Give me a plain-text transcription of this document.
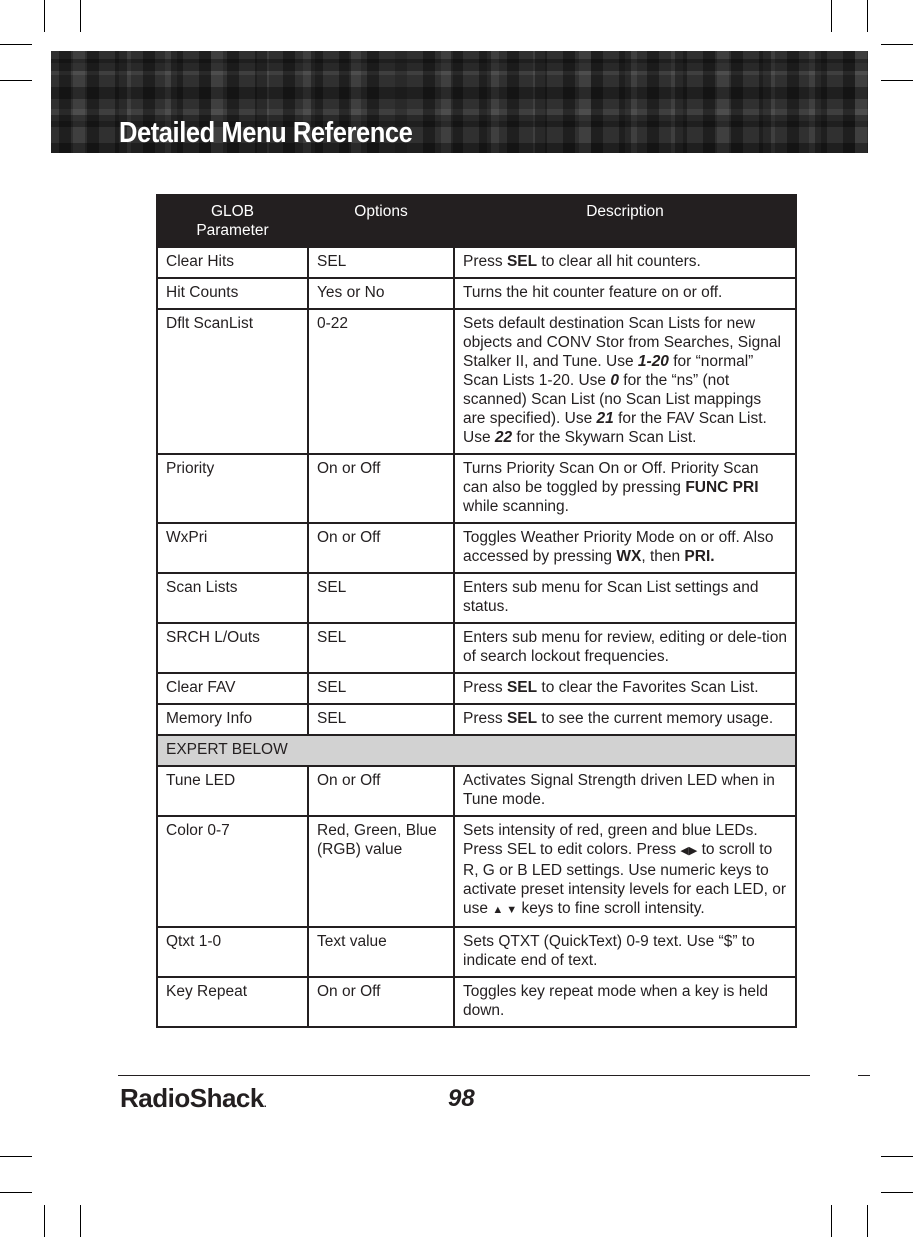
Detailed Menu Reference
GLOB Parameter	Options	Description
Clear Hits	SEL	Press SEL to clear all hit counters.
Hit Counts	Yes or No	Turns the hit counter feature on or off.
Dflt ScanList	0-22	Sets default destination Scan Lists for new objects and CONV Stor from Searches, Signal Stalker II, and Tune. Use 1-20 for “normal” Scan Lists 1-20. Use 0 for the “ns” (not scanned) Scan List (no Scan List mappings are specified). Use 21 for the FAV Scan List. Use 22 for the Skywarn Scan List.
Priority	On or Off	Turns Priority Scan On or Off. Priority Scan can also be toggled by pressing FUNC PRI while scanning.
WxPri	On or Off	Toggles Weather Priority Mode on or off. Also accessed by pressing WX, then PRI.
Scan Lists	SEL	Enters sub menu for Scan List settings and status.
SRCH L/Outs	SEL	Enters sub menu for review, editing or dele-tion of search lockout frequencies.
Clear FAV	SEL	Press SEL to clear the Favorites Scan List.
Memory Info	SEL	Press SEL to see the current memory usage.
EXPERT BELOW		
Tune LED	On or Off	Activates Signal Strength driven LED when in Tune mode.
Color 0-7	Red, Green, Blue (RGB) value	Sets intensity of red, green and blue LEDs. Press SEL to edit colors. Press ◀▶ to scroll to R, G or B LED settings. Use numeric keys to activate preset intensity levels for each LED, or use ▲ ▼ keys to fine scroll intensity.
Qtxt 1-0	Text value	Sets QTXT (QuickText) 0-9 text. Use “$” to indicate end of text.
Key Repeat	On or Off	Toggles key repeat mode when a key is held down.
RadioShack.	98
